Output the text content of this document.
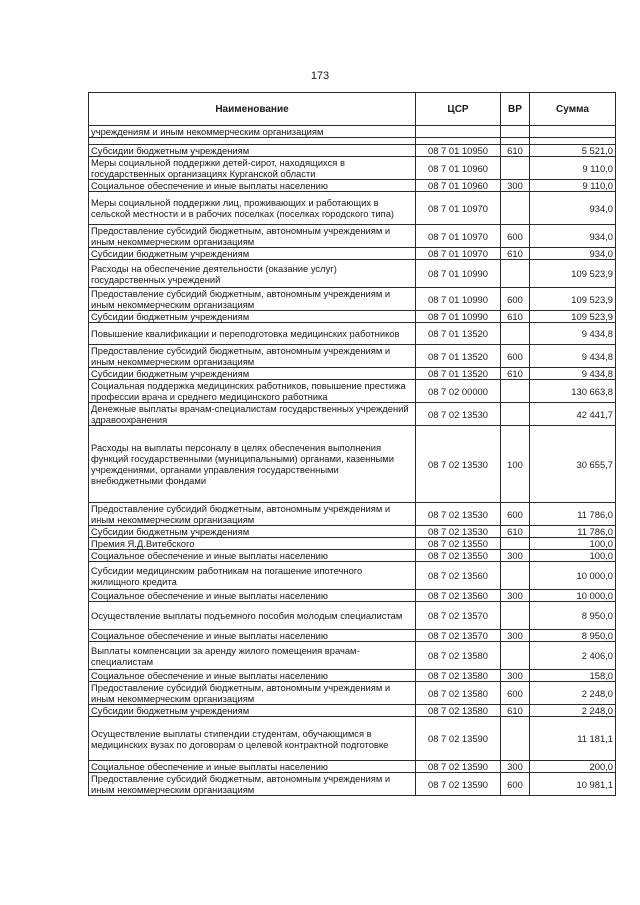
173
Наименование	ЦСР	ВР	Сумма
учреждениям и иным некоммерческим организациям			

Субсидии бюджетным учреждениям	08 7 01 10950	610	5 521,0
Меры социальной поддержки детей-сирот, находящихся в государственных организациях Курганской области	08 7 01 10960		9 110,0
Социальное обеспечение и иные выплаты населению	08 7 01 10960	300	9 110,0
Меры социальной поддержки лиц, проживающих и работающих в сельской местности и в рабочих поселках (поселках городского типа)	08 7 01 10970		934,0
Предоставление субсидий бюджетным, автономным учреждениям и иным некоммерческим организациям	08 7 01 10970	600	934,0
Субсидии бюджетным учреждениям	08 7 01 10970	610	934,0
Расходы на обеспечение деятельности (оказание услуг) государственных учреждений	08 7 01 10990		109 523,9
Предоставление субсидий бюджетным, автономным учреждениям и иным некоммерческим организациям	08 7 01 10990	600	109 523,9
Субсидии бюджетным учреждениям	08 7 01 10990	610	109 523,9
Повышение квалификации и переподготовка медицинских работников	08 7 01 13520		9 434,8
Предоставление субсидий бюджетным, автономным учреждениям и иным некоммерческим организациям	08 7 01 13520	600	9 434,8
Субсидии бюджетным учреждениям	08 7 01 13520	610	9 434,8
Социальная поддержка медицинских работников, повышение престижа профессии врача и среднего медицинского работника	08 7 02 00000		130 663,8
Денежные выплаты врачам-специалистам государственных учреждений здравоохранения	08 7 02 13530		42 441,7
Расходы на выплаты персоналу в целях обеспечения выполнения функций государственными (муниципальными) органами, казенными учреждениями, органами управления государственными внебюджетными фондами	08 7 02 13530	100	30 655,7
Предоставление субсидий бюджетным, автономным учреждениям и иным некоммерческим организациям	08 7 02 13530	600	11 786,0
Субсидии бюджетным учреждениям	08 7 02 13530	610	11 786,0
Премия Я.Д.Витебского	08 7 02 13550		100,0
Социальное обеспечение и иные выплаты населению	08 7 02 13550	300	100,0
Субсидии медицинским работникам на погашение ипотечного жилищного кредита	08 7 02 13560		10 000,0
Социальное обеспечение и иные выплаты населению	08 7 02 13560	300	10 000,0
Осуществление выплаты подъемного пособия молодым специалистам	08 7 02 13570		8 950,0
Социальное обеспечение и иные выплаты населению	08 7 02 13570	300	8 950,0
Выплаты компенсации за аренду жилого помещения врачам-специалистам	08 7 02 13580		2 406,0
Социальное обеспечение и иные выплаты населению	08 7 02 13580	300	158,0
Предоставление субсидий бюджетным, автономным учреждениям и иным некоммерческим организациям	08 7 02 13580	600	2 248,0
Субсидии бюджетным учреждениям	08 7 02 13580	610	2 248,0
Осуществление выплаты стипендии студентам, обучающимся в медицинских вузах по договорам о целевой контрактной подготовке	08 7 02 13590		11 181,1
Социальное обеспечение и иные выплаты населению	08 7 02 13590	300	200,0
Предоставление субсидий бюджетным, автономным учреждениям и иным некоммерческим организациям	08 7 02 13590	600	10 981,1
